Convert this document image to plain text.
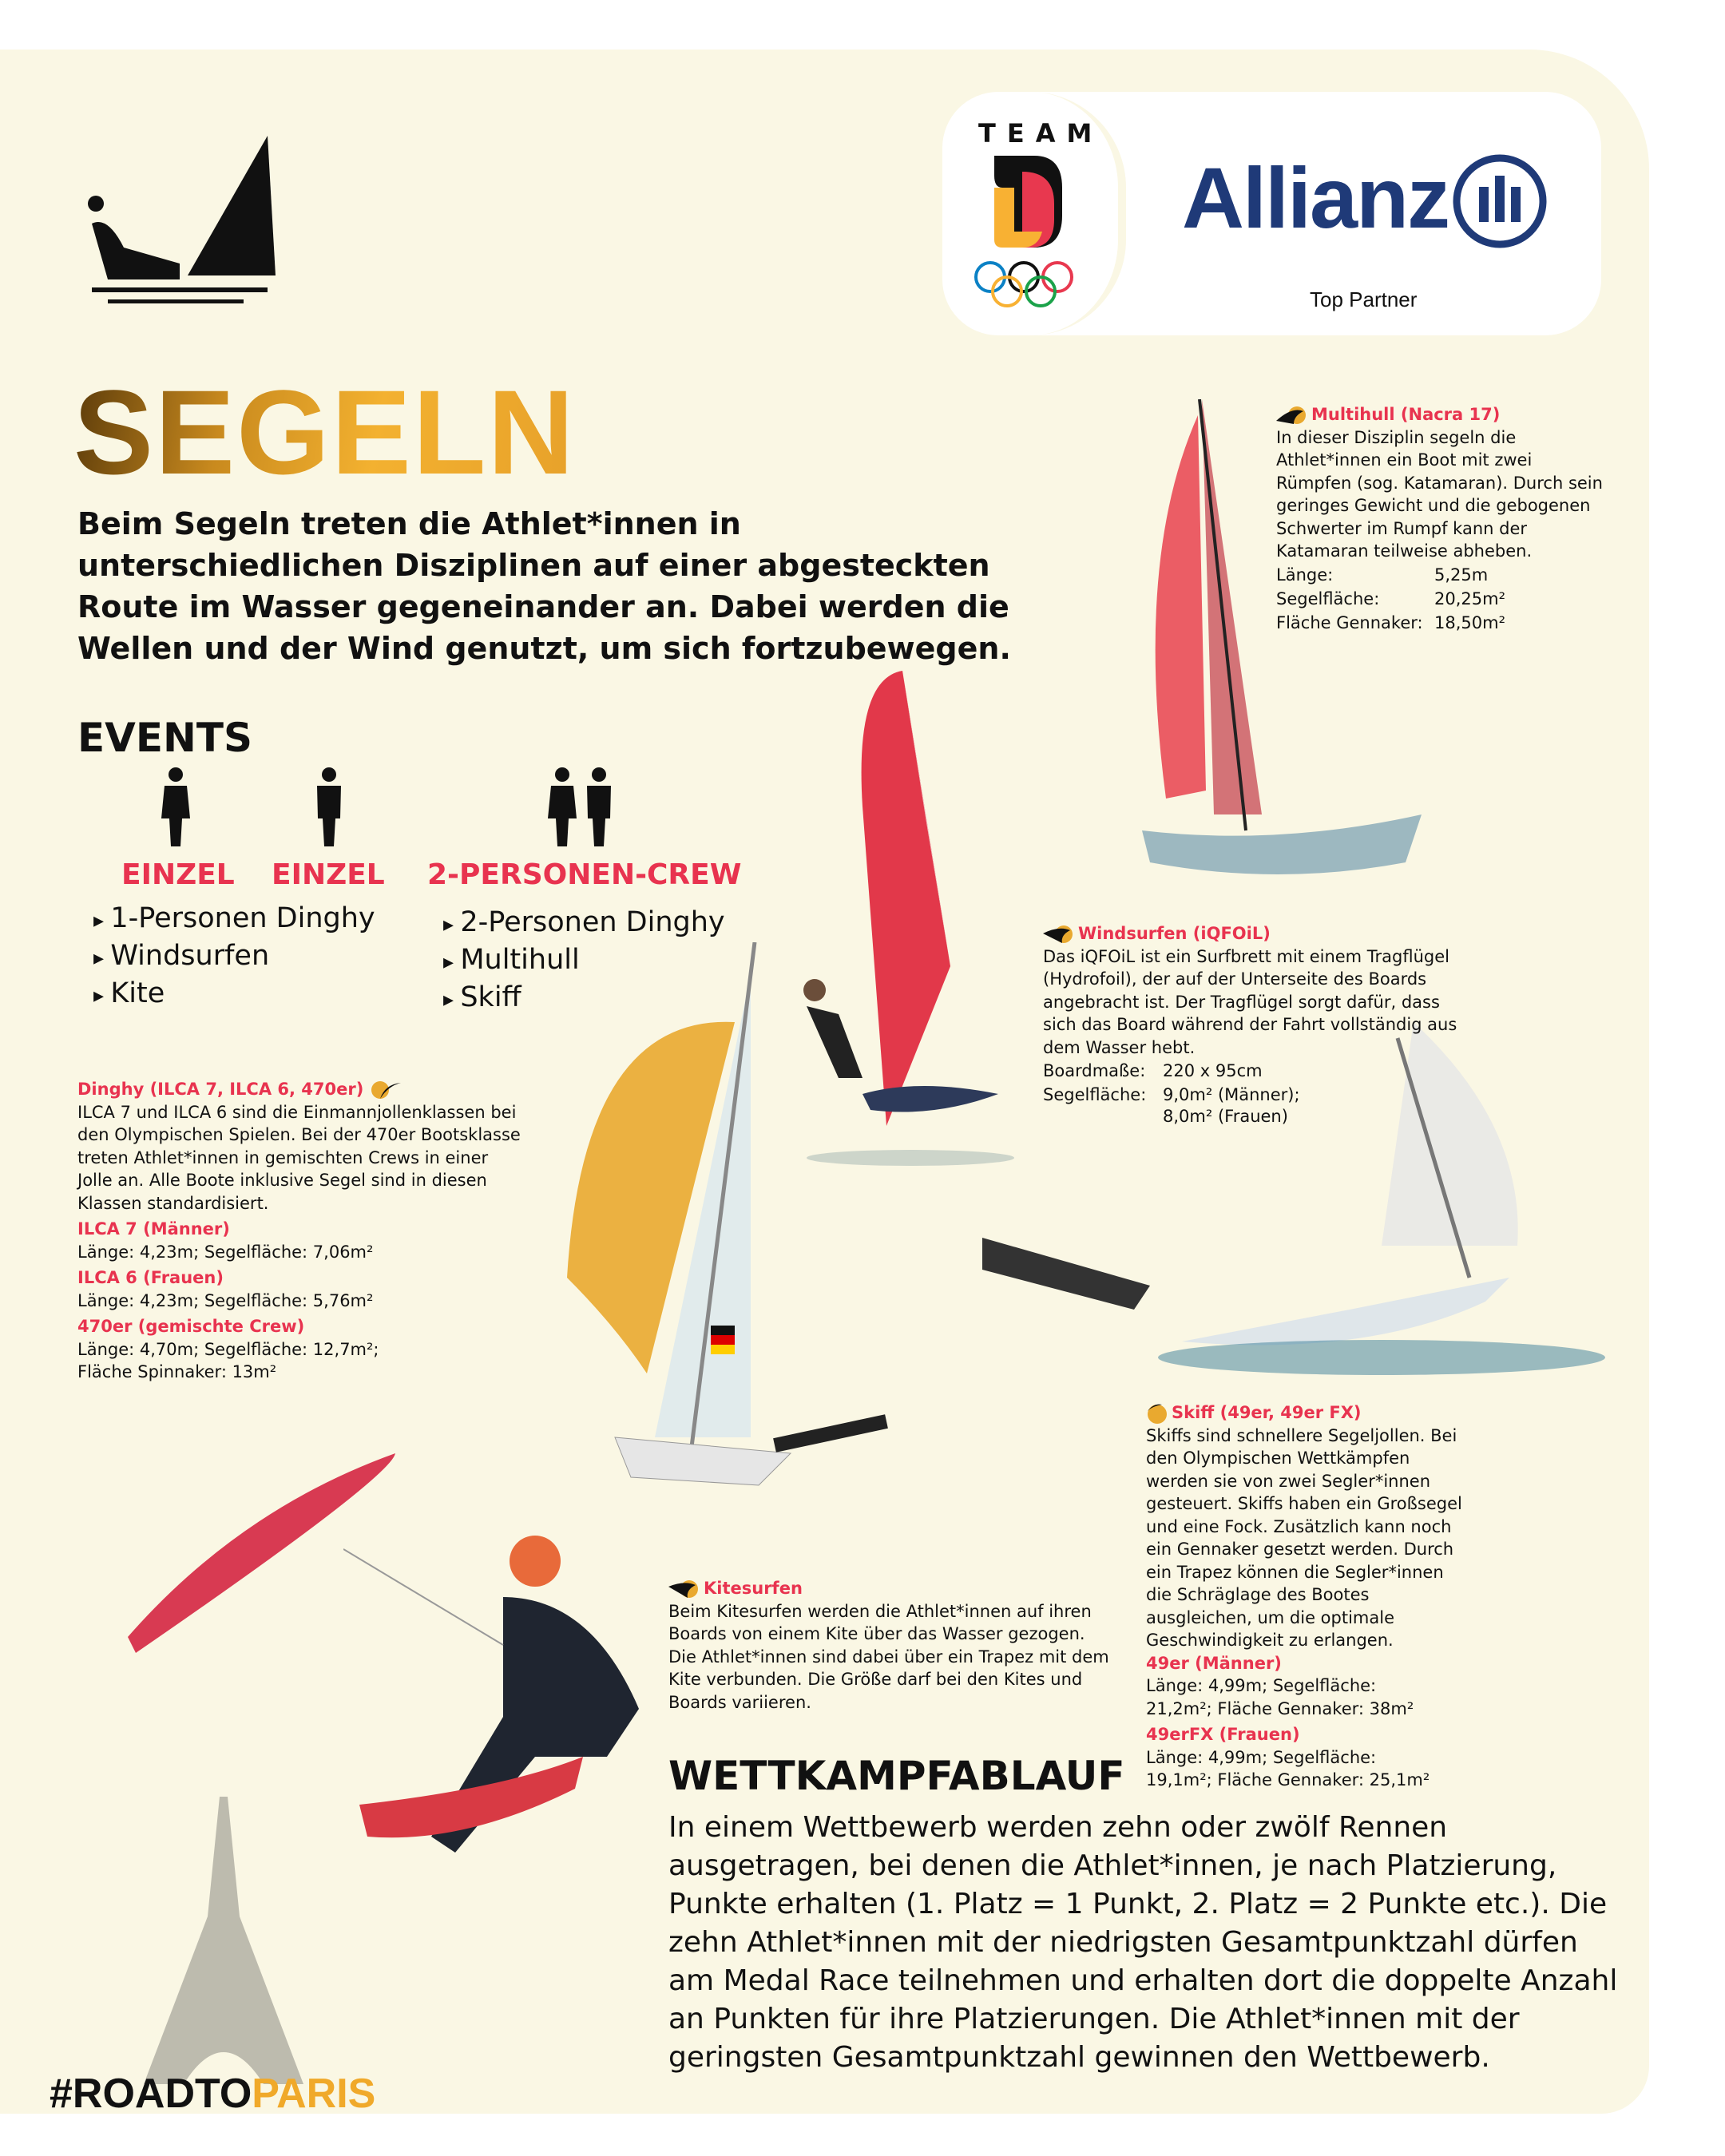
TEAM
Allianz
Top Partner
SEGELN
Beim Segeln treten die Athlet*innen in unterschiedlichen Disziplinen auf einer abgesteckten Route im Wasser gegeneinander an. Dabei werden die Wellen und der Wind genutzt, um sich fortzubewegen.
EVENTS
EINZEL EINZEL 2-PERSONEN-CREW
▸ 1-Personen Dinghy
▸ Windsurfen
▸ Kite
▸ 2-Personen Dinghy
▸ Multihull
▸ Skiff
Dinghy (ILCA 7, ILCA 6, 470er)
ILCA 7 und ILCA 6 sind die Einmannjollenklassen bei den Olympischen Spielen. Bei der 470er Bootsklasse treten Athlet*innen in gemischten Crews in einer Jolle an. Alle Boote inklusive Segel sind in diesen Klassen standardisiert.
ILCA 7 (Männer)
Länge: 4,23m; Segelfläche: 7,06m²
ILCA 6 (Frauen)
Länge: 4,23m; Segelfläche: 5,76m²
470er (gemischte Crew)
Länge: 4,70m; Segelfläche: 12,7m²; Fläche Spinnaker: 13m²
Multihull (Nacra 17)
In dieser Disziplin segeln die Athlet*innen ein Boot mit zwei Rümpfen (sog. Katamaran). Durch sein geringes Gewicht und die gebogenen Schwerter im Rumpf kann der Katamaran teilweise abheben.
Länge:	5,25m
Segelfläche:	20,25m²
Fläche Gennaker:	18,50m²
Windsurfen (iQFOiL)
Das iQFOiL ist ein Surfbrett mit einem Tragflügel (Hydrofoil), der auf der Unterseite des Boards angebracht ist. Der Tragflügel sorgt dafür, dass sich das Board während der Fahrt vollständig aus dem Wasser hebt.
Boardmaße:	220 x 95cm
Segelfläche:	9,0m² (Männer);
	8,0m² (Frauen)
Skiff (49er, 49er FX)
Skiffs sind schnellere Segeljollen. Bei den Olympischen Wettkämpfen werden sie von zwei Segler*innen gesteuert. Skiffs haben ein Großsegel und eine Fock. Zusätzlich kann noch ein Gennaker gesetzt werden. Durch ein Trapez können die Segler*innen die Schräglage des Bootes ausgleichen, um die optimale Geschwindigkeit zu erlangen.
49er (Männer)
Länge: 4,99m; Segelfläche: 21,2m²; Fläche Gennaker: 38m²
49erFX (Frauen)
Länge: 4,99m; Segelfläche: 19,1m²; Fläche Gennaker: 25,1m²
Kitesurfen
Beim Kitesurfen werden die Athlet*innen auf ihren Boards von einem Kite über das Wasser gezogen. Die Athlet*innen sind dabei über ein Trapez mit dem Kite verbunden. Die Größe darf bei den Kites und Boards variieren.
WETTKAMPFABLAUF
In einem Wettbewerb werden zehn oder zwölf Rennen ausgetragen, bei denen die Athlet*innen, je nach Platzierung, Punkte erhalten (1. Platz = 1 Punkt, 2. Platz = 2 Punkte etc.). Die zehn Athlet*innen mit der niedrigsten Gesamtpunktzahl dürfen am Medal Race teilnehmen und erhalten dort die doppelte Anzahl an Punkten für ihre Platzierungen. Die Athlet*innen mit der geringsten Gesamtpunktzahl gewinnen den Wettbewerb.
#ROADTOPARIS
